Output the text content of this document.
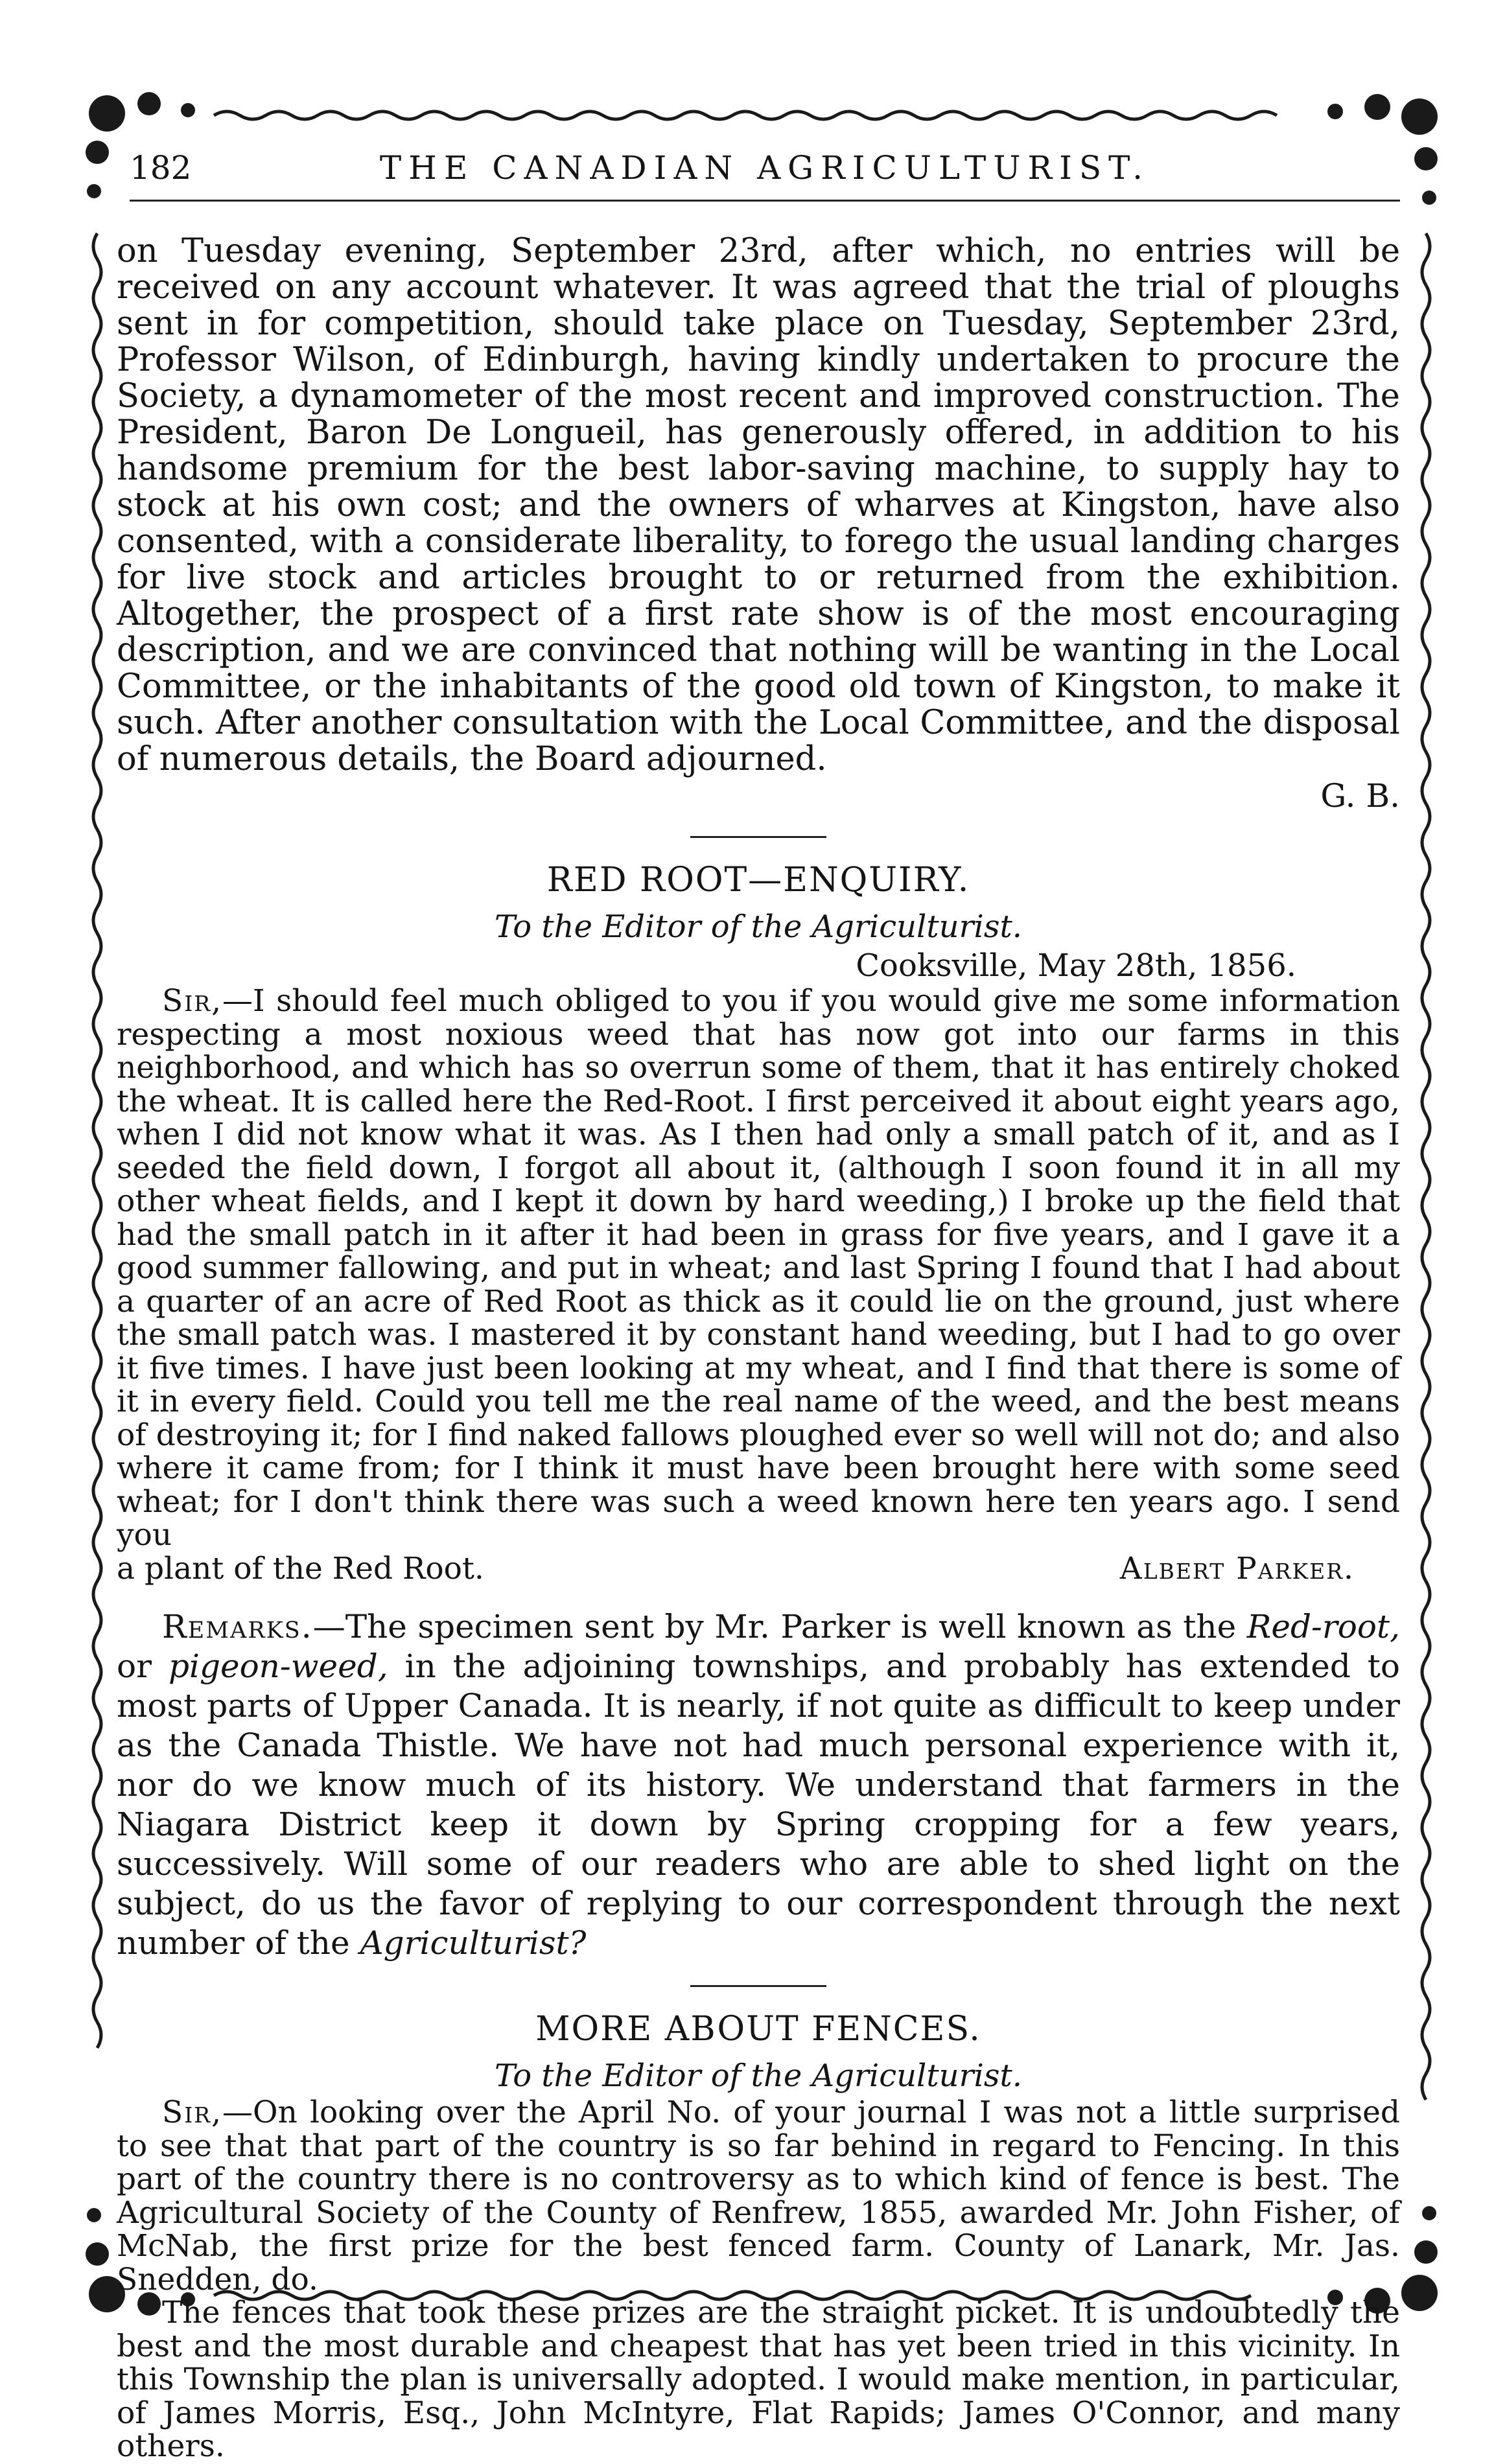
182	THE CANADIAN AGRICULTURIST.

on Tuesday evening, September 23rd, after which, no entries will be received on any account whatever. It was agreed that the trial of ploughs sent in for competition, should take place on Tuesday, September 23rd, Professor Wilson, of Edinburgh, having kindly undertaken to procure the Society, a dynamometer of the most recent and improved construction. The President, Baron De Longueil, has generously offered, in addition to his handsome premium for the best labor-saving machine, to supply hay to stock at his own cost; and the owners of wharves at Kingston, have also consented, with a considerate liberality, to forego the usual landing charges for live stock and articles brought to or returned from the exhibition. Altogether, the prospect of a first rate show is of the most encouraging description, and we are convinced that nothing will be wanting in the Local Committee, or the inhabitants of the good old town of Kingston, to make it such. After another consultation with the Local Committee, and the disposal of numerous details, the Board adjourned.

G. B.
RED ROOT—ENQUIRY.
To the Editor of the Agriculturist.
Cooksville, May 28th, 1856.

Sir,—I should feel much obliged to you if you would give me some information respecting a most noxious weed that has now got into our farms in this neighborhood, and which has so overrun some of them, that it has entirely choked the wheat. It is called here the Red-Root. I first perceived it about eight years ago, when I did not know what it was. As I then had only a small patch of it, and as I seeded the field down, I forgot all about it, (although I soon found it in all my other wheat fields, and I kept it down by hard weeding,) I broke up the field that had the small patch in it after it had been in grass for five years, and I gave it a good summer fallowing, and put in wheat; and last Spring I found that I had about a quarter of an acre of Red Root as thick as it could lie on the ground, just where the small patch was. I mastered it by constant hand weeding, but I had to go over it five times. I have just been looking at my wheat, and I find that there is some of it in every field. Could you tell me the real name of the weed, and the best means of destroying it; for I find naked fallows ploughed ever so well will not do; and also where it came from; for I think it must have been brought here with some seed wheat; for I don't think there was such a weed known here ten years ago. I send you

a plant of the Red Root.	Albert Parker.

Remarks.—The specimen sent by Mr. Parker is well known as the Red-root, or pigeon-weed, in the adjoining townships, and probably has extended to most parts of Upper Canada. It is nearly, if not quite as difficult to keep under as the Canada Thistle. We have not had much personal experience with it, nor do we know much of its history. We understand that farmers in the Niagara District keep it down by Spring cropping for a few years, successively. Will some of our readers who are able to shed light on the subject, do us the favor of replying to our correspondent through the next number of the Agriculturist?

MORE ABOUT FENCES.
To the Editor of the Agriculturist.

Sir,—On looking over the April No. of your journal I was not a little surprised to see that that part of the country is so far behind in regard to Fencing. In this part of the country there is no controversy as to which kind of fence is best. The Agricultural Society of the County of Renfrew, 1855, awarded Mr. John Fisher, of McNab, the first prize for the best fenced farm. County of Lanark, Mr. Jas. Snedden, do.

The fences that took these prizes are the straight picket. It is undoubtedly the best and the most durable and cheapest that has yet been tried in this vicinity. In this Township the plan is universally adopted. I would make mention, in particular, of James Morris, Esq., John McIntyre, Flat Rapids; James O'Connor, and many others.
